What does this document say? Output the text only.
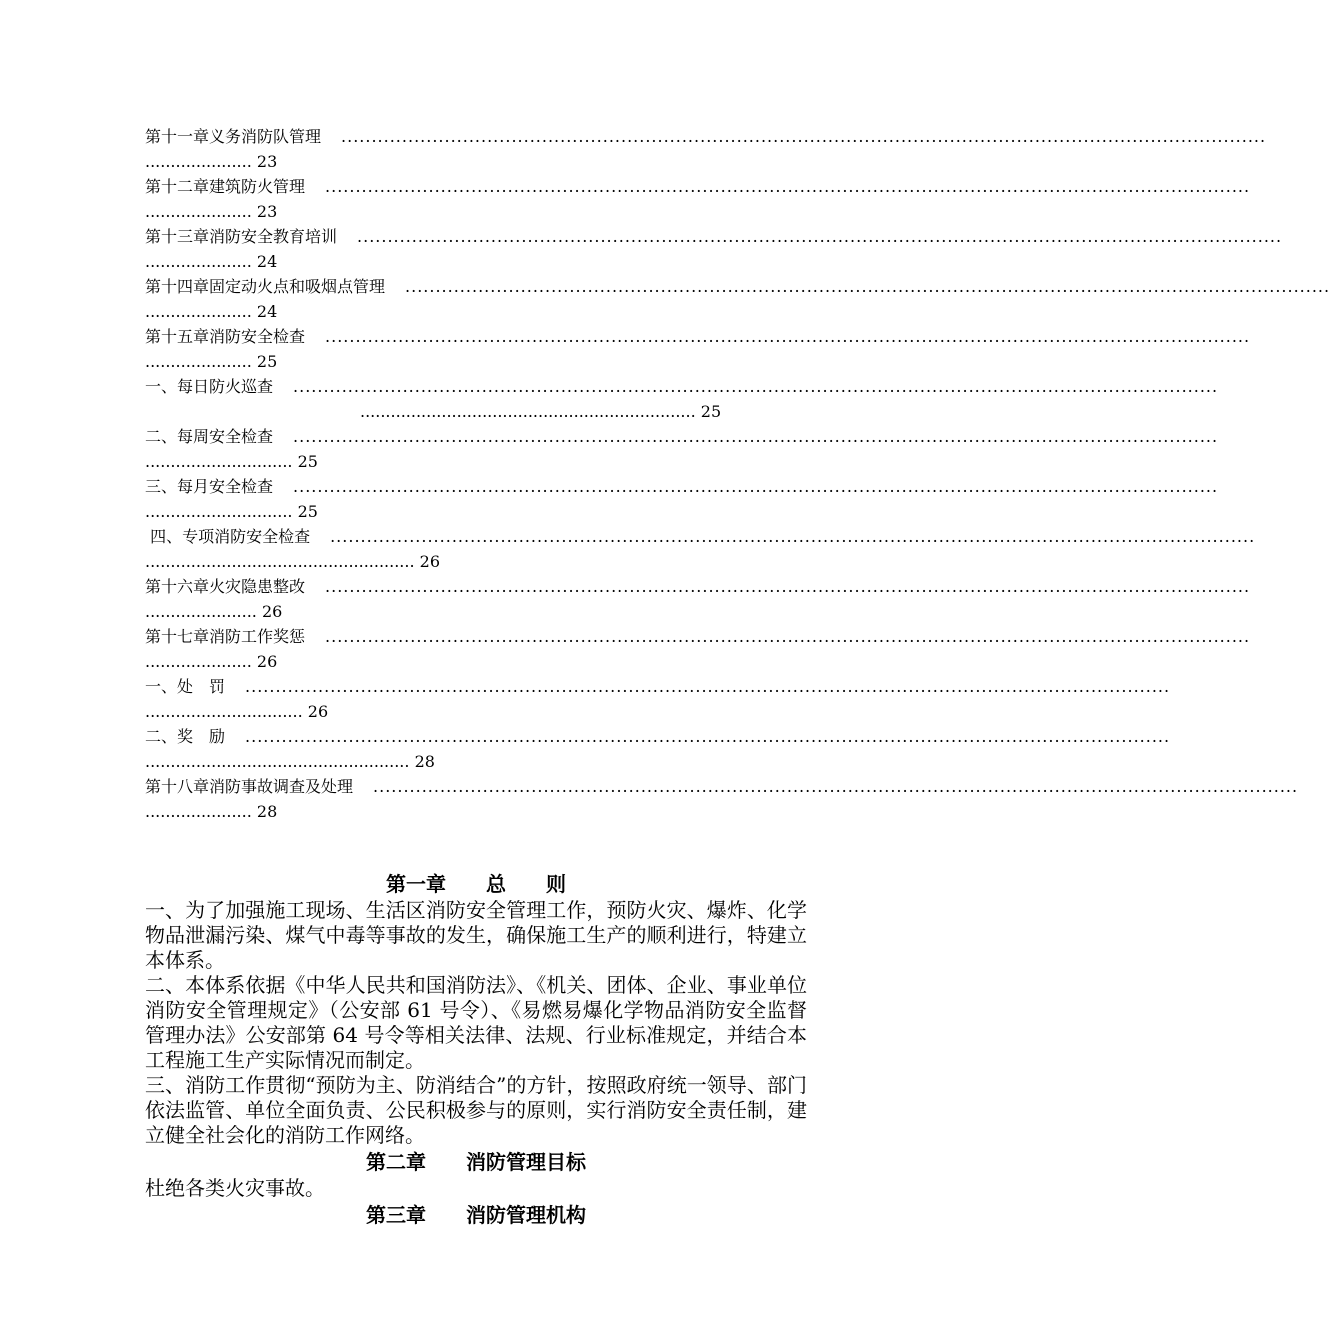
第十一章 义务消防队管理 ........................................................................................................................................................
..................... 23
第十二章 建筑防火管理 ........................................................................................................................................................
..................... 23
第十三章 消防安全教育培训 ........................................................................................................................................................
..................... 24
第十四章 固定动火点和吸烟点管理 ........................................................................................................................................................
..................... 24
第十五章 消防安全检查 ........................................................................................................................................................
..................... 25
一、 每日防火巡查 ........................................................................................................................................................
.................................................................. 25
二、每周安全检查 ........................................................................................................................................................
............................. 25
三、每月安全检查 ........................................................................................................................................................
............................. 25
四、专项消防安全检查 ........................................................................................................................................................
..................................................... 26
第十六章 火灾隐患整改 ........................................................................................................................................................
...................... 26
第十七章 消防工作奖惩 ........................................................................................................................................................
..................... 26
一、处　罚 ........................................................................................................................................................
............................... 26
二、奖　励 ........................................................................................................................................................
.................................................... 28
第十八章 消防事故调查及处理 ........................................................................................................................................................
..................... 28
第一章　　总　　则
一、为了加强施工现场、生活区消防安全管理工作，预防火灾、爆炸、化学物品泄漏污染、煤气中毒等事故的发生，确保施工生产的顺利进行，特建立本体系。
二、本体系依据《中华人民共和国消防法》、《机关、团体、企业、事业单位消防安全管理规定》（公安部 61 号令）、《易燃易爆化学物品消防安全监督管理办法》公安部第 64 号令等相关法律、法规、行业标准规定，并结合本工程施工生产实际情况而制定。
三、消防工作贯彻“预防为主、防消结合”的方针，按照政府统一领导、部门依法监管、单位全面负责、公民积极参与的原则，实行消防安全责任制，建立健全社会化的消防工作网络。
第二章　　消防管理目标
杜绝各类火灾事故。
第三章　　消防管理机构
